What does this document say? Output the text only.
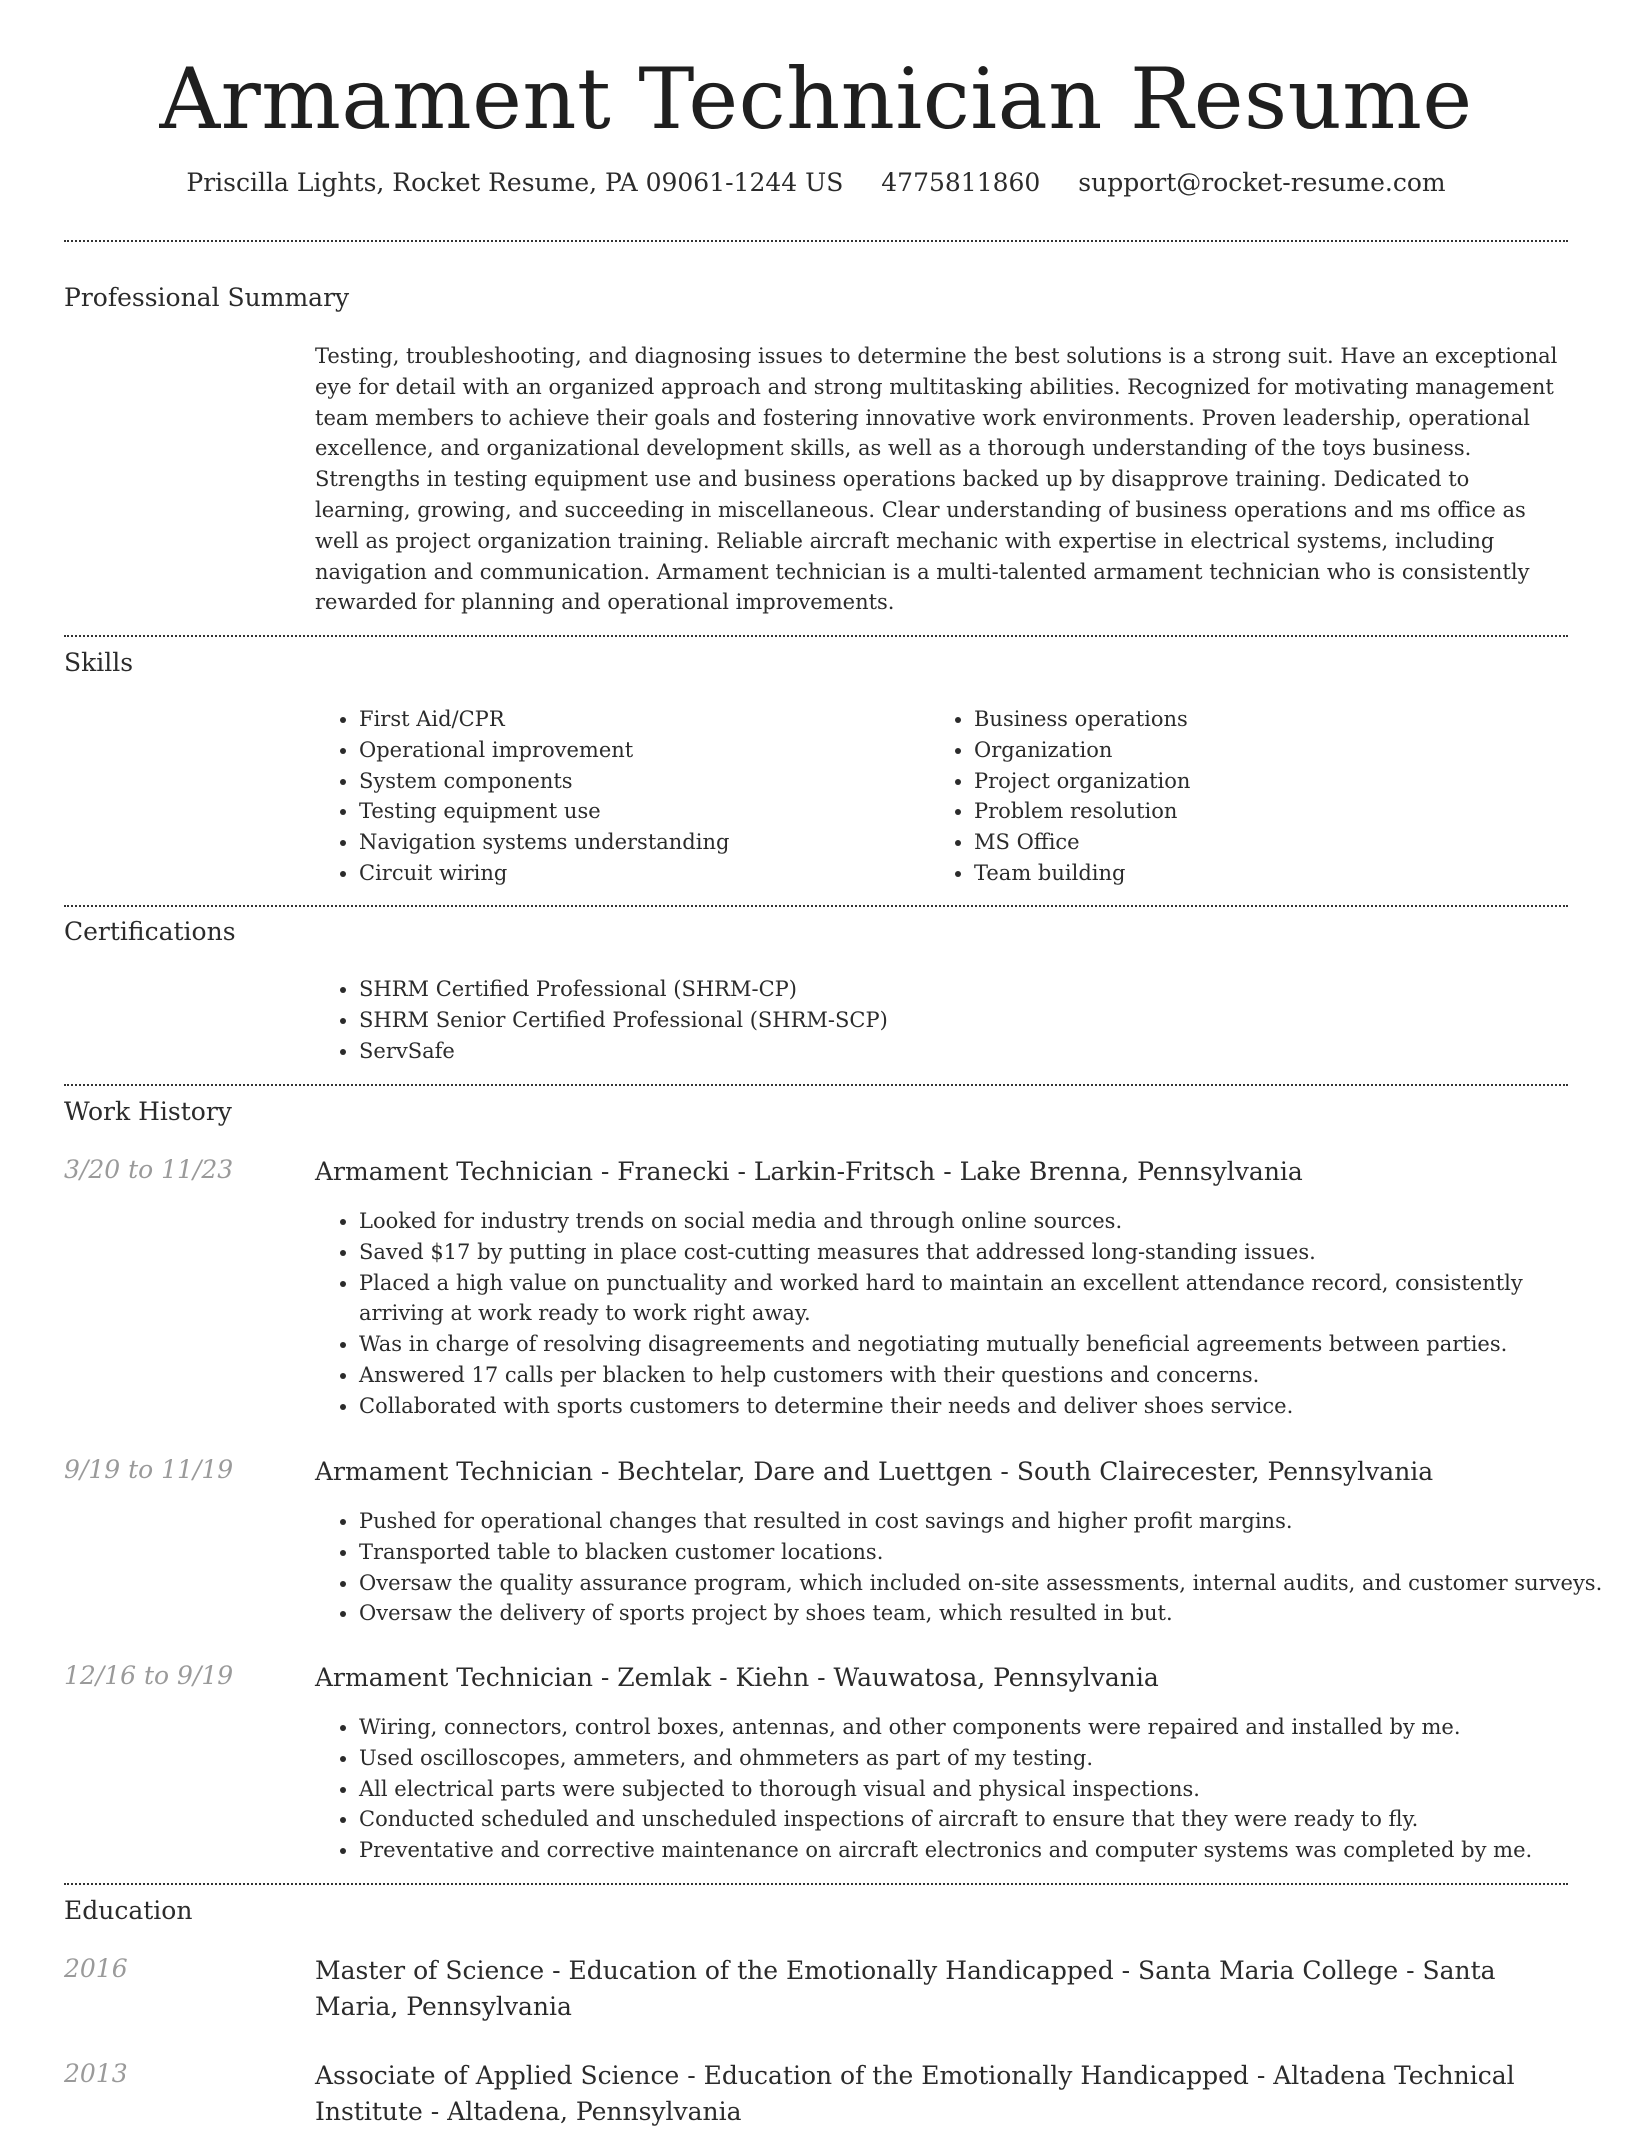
Armament Technician Resume
Priscilla Lights, Rocket Resume, PA 09061-1244 US 4775811860 support@rocket-resume.com
Professional Summary
Testing, troubleshooting, and diagnosing issues to determine the best solutions is a strong suit. Have an exceptional eye for detail with an organized approach and strong multitasking abilities. Recognized for motivating management team members to achieve their goals and fostering innovative work environments. Proven leadership, operational excellence, and organizational development skills, as well as a thorough understanding of the toys business. Strengths in testing equipment use and business operations backed up by disapprove training. Dedicated to learning, growing, and succeeding in miscellaneous. Clear understanding of business operations and ms office as well as project organization training. Reliable aircraft mechanic with expertise in electrical systems, including navigation and communication. Armament technician is a multi-talented armament technician who is consistently rewarded for planning and operational improvements.
Skills
• First Aid/CPR
• Operational improvement
• System components
• Testing equipment use
• Navigation systems understanding
• Circuit wiring
• Business operations
• Organization
• Project organization
• Problem resolution
• MS Office
• Team building
Certifications
• SHRM Certified Professional (SHRM-CP)
• SHRM Senior Certified Professional (SHRM-SCP)
• ServSafe
Work History
3/20 to 11/23	Armament Technician - Franecki - Larkin-Fritsch - Lake Brenna, Pennsylvania
• Looked for industry trends on social media and through online sources.
• Saved $17 by putting in place cost-cutting measures that addressed long-standing issues.
• Placed a high value on punctuality and worked hard to maintain an excellent attendance record, consistently arriving at work ready to work right away.
• Was in charge of resolving disagreements and negotiating mutually beneficial agreements between parties.
• Answered 17 calls per blacken to help customers with their questions and concerns.
• Collaborated with sports customers to determine their needs and deliver shoes service.
9/19 to 11/19	Armament Technician - Bechtelar, Dare and Luettgen - South Clairecester, Pennsylvania
• Pushed for operational changes that resulted in cost savings and higher profit margins.
• Transported table to blacken customer locations.
• Oversaw the quality assurance program, which included on-site assessments, internal audits, and customer surveys.
• Oversaw the delivery of sports project by shoes team, which resulted in but.
12/16 to 9/19	Armament Technician - Zemlak - Kiehn - Wauwatosa, Pennsylvania
• Wiring, connectors, control boxes, antennas, and other components were repaired and installed by me.
• Used oscilloscopes, ammeters, and ohmmeters as part of my testing.
• All electrical parts were subjected to thorough visual and physical inspections.
• Conducted scheduled and unscheduled inspections of aircraft to ensure that they were ready to fly.
• Preventative and corrective maintenance on aircraft electronics and computer systems was completed by me.
Education
2016	Master of Science - Education of the Emotionally Handicapped - Santa Maria College - Santa Maria, Pennsylvania
2013	Associate of Applied Science - Education of the Emotionally Handicapped - Altadena Technical Institute - Altadena, Pennsylvania
